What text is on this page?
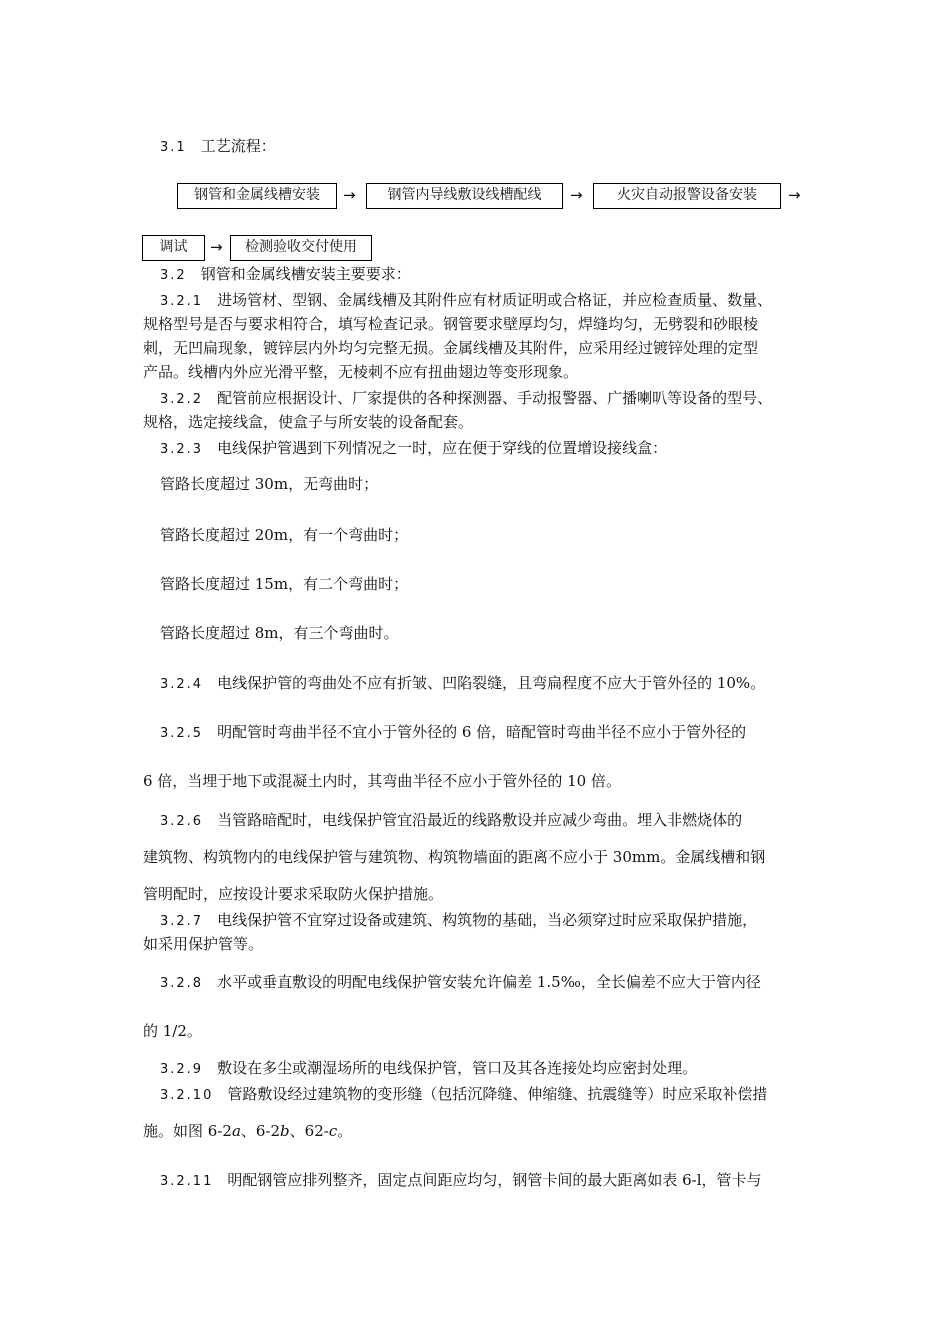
3.1 工艺流程：
钢管和金属线槽安装	→	钢管内导线敷设线槽配线	→	火灾自动报警设备安装	→
调试	→	检测验收交付使用
3.2 钢管和金属线槽安装主要要求：
3.2.1 进场管材、型钢、金属线槽及其附件应有材质证明或合格证，并应检查质量、数量、
规格型号是否与要求相符合，填写检查记录。钢管要求壁厚均匀，焊缝均匀，无劈裂和砂眼棱
刺，无凹扁现象，镀锌层内外均匀完整无损。金属线槽及其附件，应采用经过镀锌处理的定型
产品。线槽内外应光滑平整，无棱刺不应有扭曲翅边等变形现象。
3.2.2 配管前应根据设计、厂家提供的各种探测器、手动报警器、广播喇叭等设备的型号、
规格，选定接线盒，使盒子与所安装的设备配套。
3.2.3 电线保护管遇到下列情况之一时，应在便于穿线的位置增设接线盒：
管路长度超过 30m，无弯曲时；
管路长度超过 20m，有一个弯曲时；
管路长度超过 15m，有二个弯曲时；
管路长度超过 8m，有三个弯曲时。
3.2.4 电线保护管的弯曲处不应有折皱、凹陷裂缝，且弯扁程度不应大于管外径的 10%。
3.2.5 明配管时弯曲半径不宜小于管外径的 6 倍，暗配管时弯曲半径不应小于管外径的
6 倍，当埋于地下或混凝土内时，其弯曲半径不应小于管外径的 10 倍。
3.2.6 当管路暗配时，电线保护管宜沿最近的线路敷设并应减少弯曲。埋入非燃烧体的
建筑物、构筑物内的电线保护管与建筑物、构筑物墙面的距离不应小于 30mm。金属线槽和钢
管明配时，应按设计要求采取防火保护措施。
3.2.7 电线保护管不宜穿过设备或建筑、构筑物的基础，当必须穿过时应采取保护措施，
如采用保护管等。
3.2.8 水平或垂直敷设的明配电线保护管安装允许偏差 1.5‰，全长偏差不应大于管内径
的 1/2。
3.2.9 敷设在多尘或潮湿场所的电线保护管，管口及其各连接处均应密封处理。
3.2.10 管路敷设经过建筑物的变形缝（包括沉降缝、伸缩缝、抗震缝等）时应采取补偿措
施。如图 6-2a、6-2b、62-c。
3.2.11 明配钢管应排列整齐，固定点间距应均匀，钢管卡间的最大距离如表 6-l，管卡与
